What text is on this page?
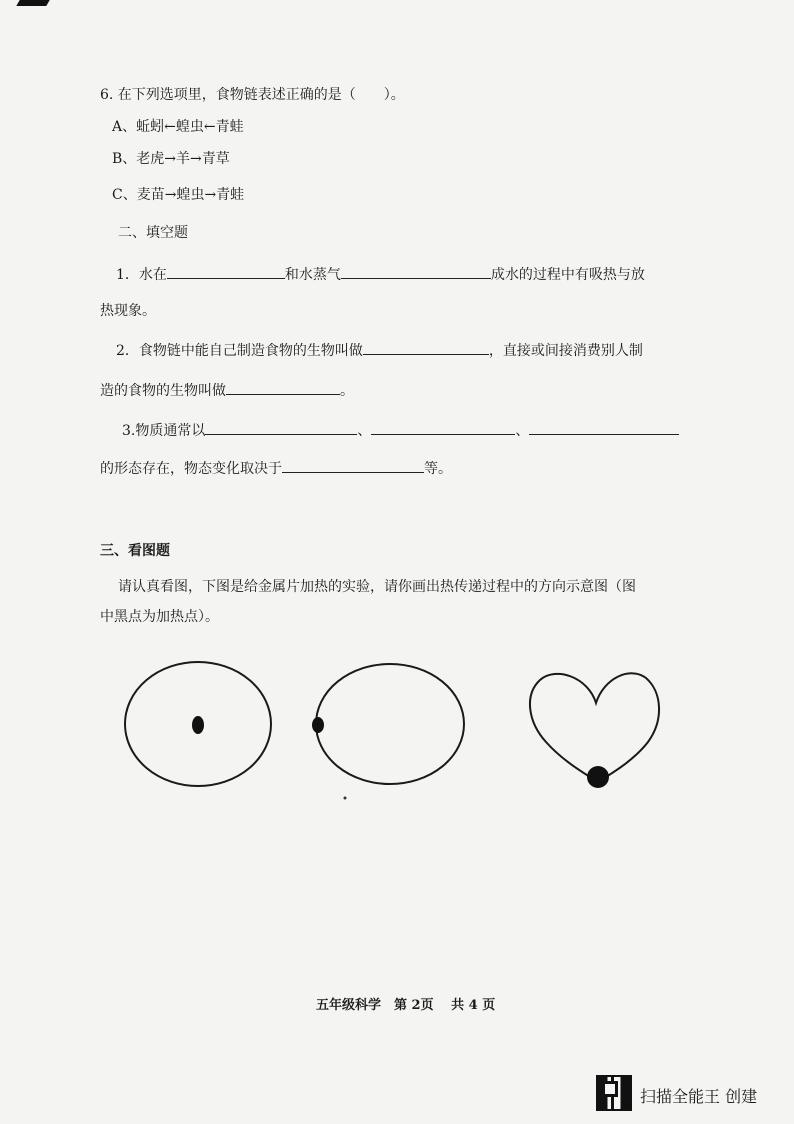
6. 在下列选项里，食物链表述正确的是（　　）。
A、蚯蚓←蝗虫←青蛙
B、老虎→羊→青草
C、麦苗→蝗虫→青蛙
二、填空题
1．水在	和水蒸气	成水的过程中有吸热与放
热现象。
2．食物链中能自己制造食物的生物叫做	，直接或间接消费别人制
造的食物的生物叫做	。
3.物质通常以	、	、
的形态存在，物态变化取决于	等。
三、看图题
请认真看图，下图是给金属片加热的实验，请你画出热传递过程中的方向示意图（图
中黑点为加热点）。
五年级科学　第 2页　 共 4 页
扫描全能王 创建
